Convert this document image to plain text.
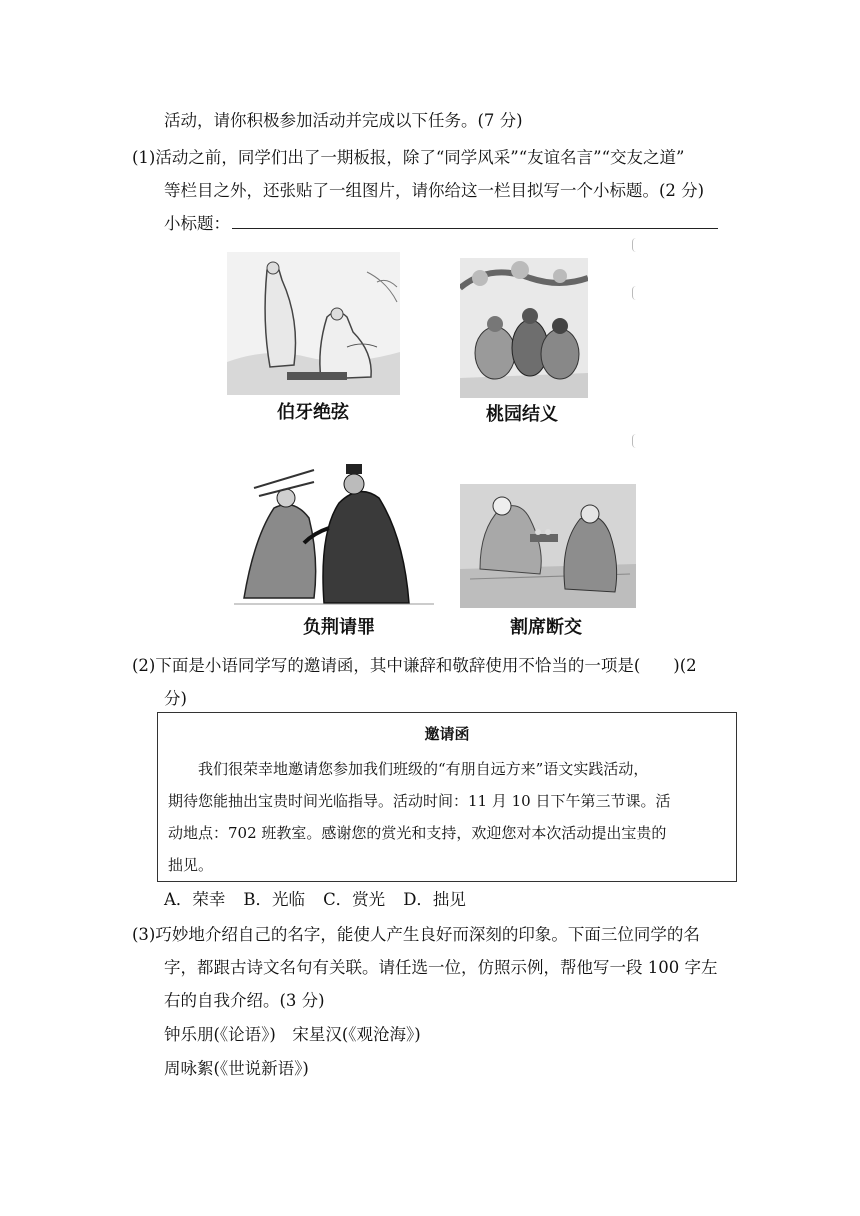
活动，请你积极参加活动并完成以下任务。(7 分)
(1)活动之前，同学们出了一期板报，除了“同学风采”“友谊名言”“交友之道”
等栏目之外，还张贴了一组图片，请你给这一栏目拟写一个小标题。(2 分)
小标题：
伯牙绝弦	桃园结义
负荆请罪	割席断交
(2)下面是小语同学写的邀请函，其中谦辞和敬辞使用不恰当的一项是(　　)(2
分)
邀请函
我们很荣幸地邀请您参加我们班级的“有朋自远方来”语文实践活动，
期待您能抽出宝贵时间光临指导。活动时间：11 月 10 日下午第三节课。活
动地点：702 班教室。感谢您的赏光和支持，欢迎您对本次活动提出宝贵的
拙见。
A．荣幸 B．光临 C．赏光 D．拙见
(3)巧妙地介绍自己的名字，能使人产生良好而深刻的印象。下面三位同学的名
字，都跟古诗文名句有关联。请任选一位，仿照示例，帮他写一段 100 字左
右的自我介绍。(3 分)
钟乐朋(《论语》)　宋星汉(《观沧海》)
周咏絮(《世说新语》)
